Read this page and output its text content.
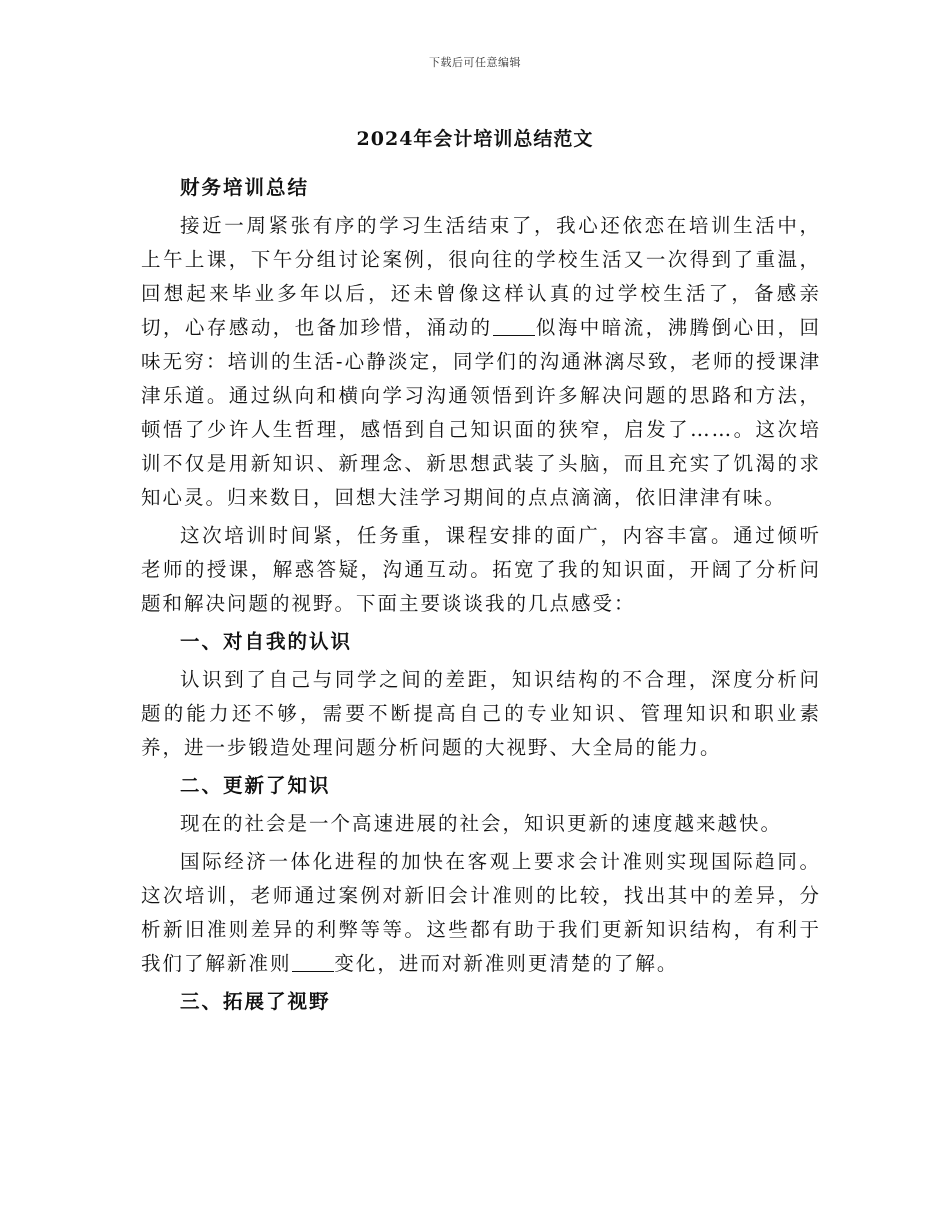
下载后可任意编辑
2024年会计培训总结范文
财务培训总结
接近一周紧张有序的学习生活结束了，我心还依恋在培训生活中，上午上课，下午分组讨论案例，很向往的学校生活又一次得到了重温，回想起来毕业多年以后，还未曾像这样认真的过学校生活了，备感亲切，心存感动，也备加珍惜，涌动的 似海中暗流，沸腾倒心田，回味无穷：培训的生活-心静淡定，同学们的沟通淋漓尽致，老师的授课津津乐道。通过纵向和横向学习沟通领悟到许多解决问题的思路和方法，顿悟了少许人生哲理，感悟到自己知识面的狭窄，启发了……。这次培训不仅是用新知识、新理念、新思想武装了头脑，而且充实了饥渴的求知心灵。归来数日，回想大洼学习期间的点点滴滴，依旧津津有味。
这次培训时间紧，任务重，课程安排的面广，内容丰富。通过倾听老师的授课，解惑答疑，沟通互动。拓宽了我的知识面，开阔了分析问题和解决问题的视野。下面主要谈谈我的几点感受：
一、对自我的认识
认识到了自己与同学之间的差距，知识结构的不合理，深度分析问题的能力还不够，需要不断提高自己的专业知识、管理知识和职业素养，进一步锻造处理问题分析问题的大视野、大全局的能力。
二、更新了知识
现在的社会是一个高速进展的社会，知识更新的速度越来越快。
国际经济一体化进程的加快在客观上要求会计准则实现国际趋同。这次培训，老师通过案例对新旧会计准则的比较，找出其中的差异，分析新旧准则差异的利弊等等。这些都有助于我们更新知识结构，有利于我们了解新准则 变化，进而对新准则更清楚的了解。
三、拓展了视野
